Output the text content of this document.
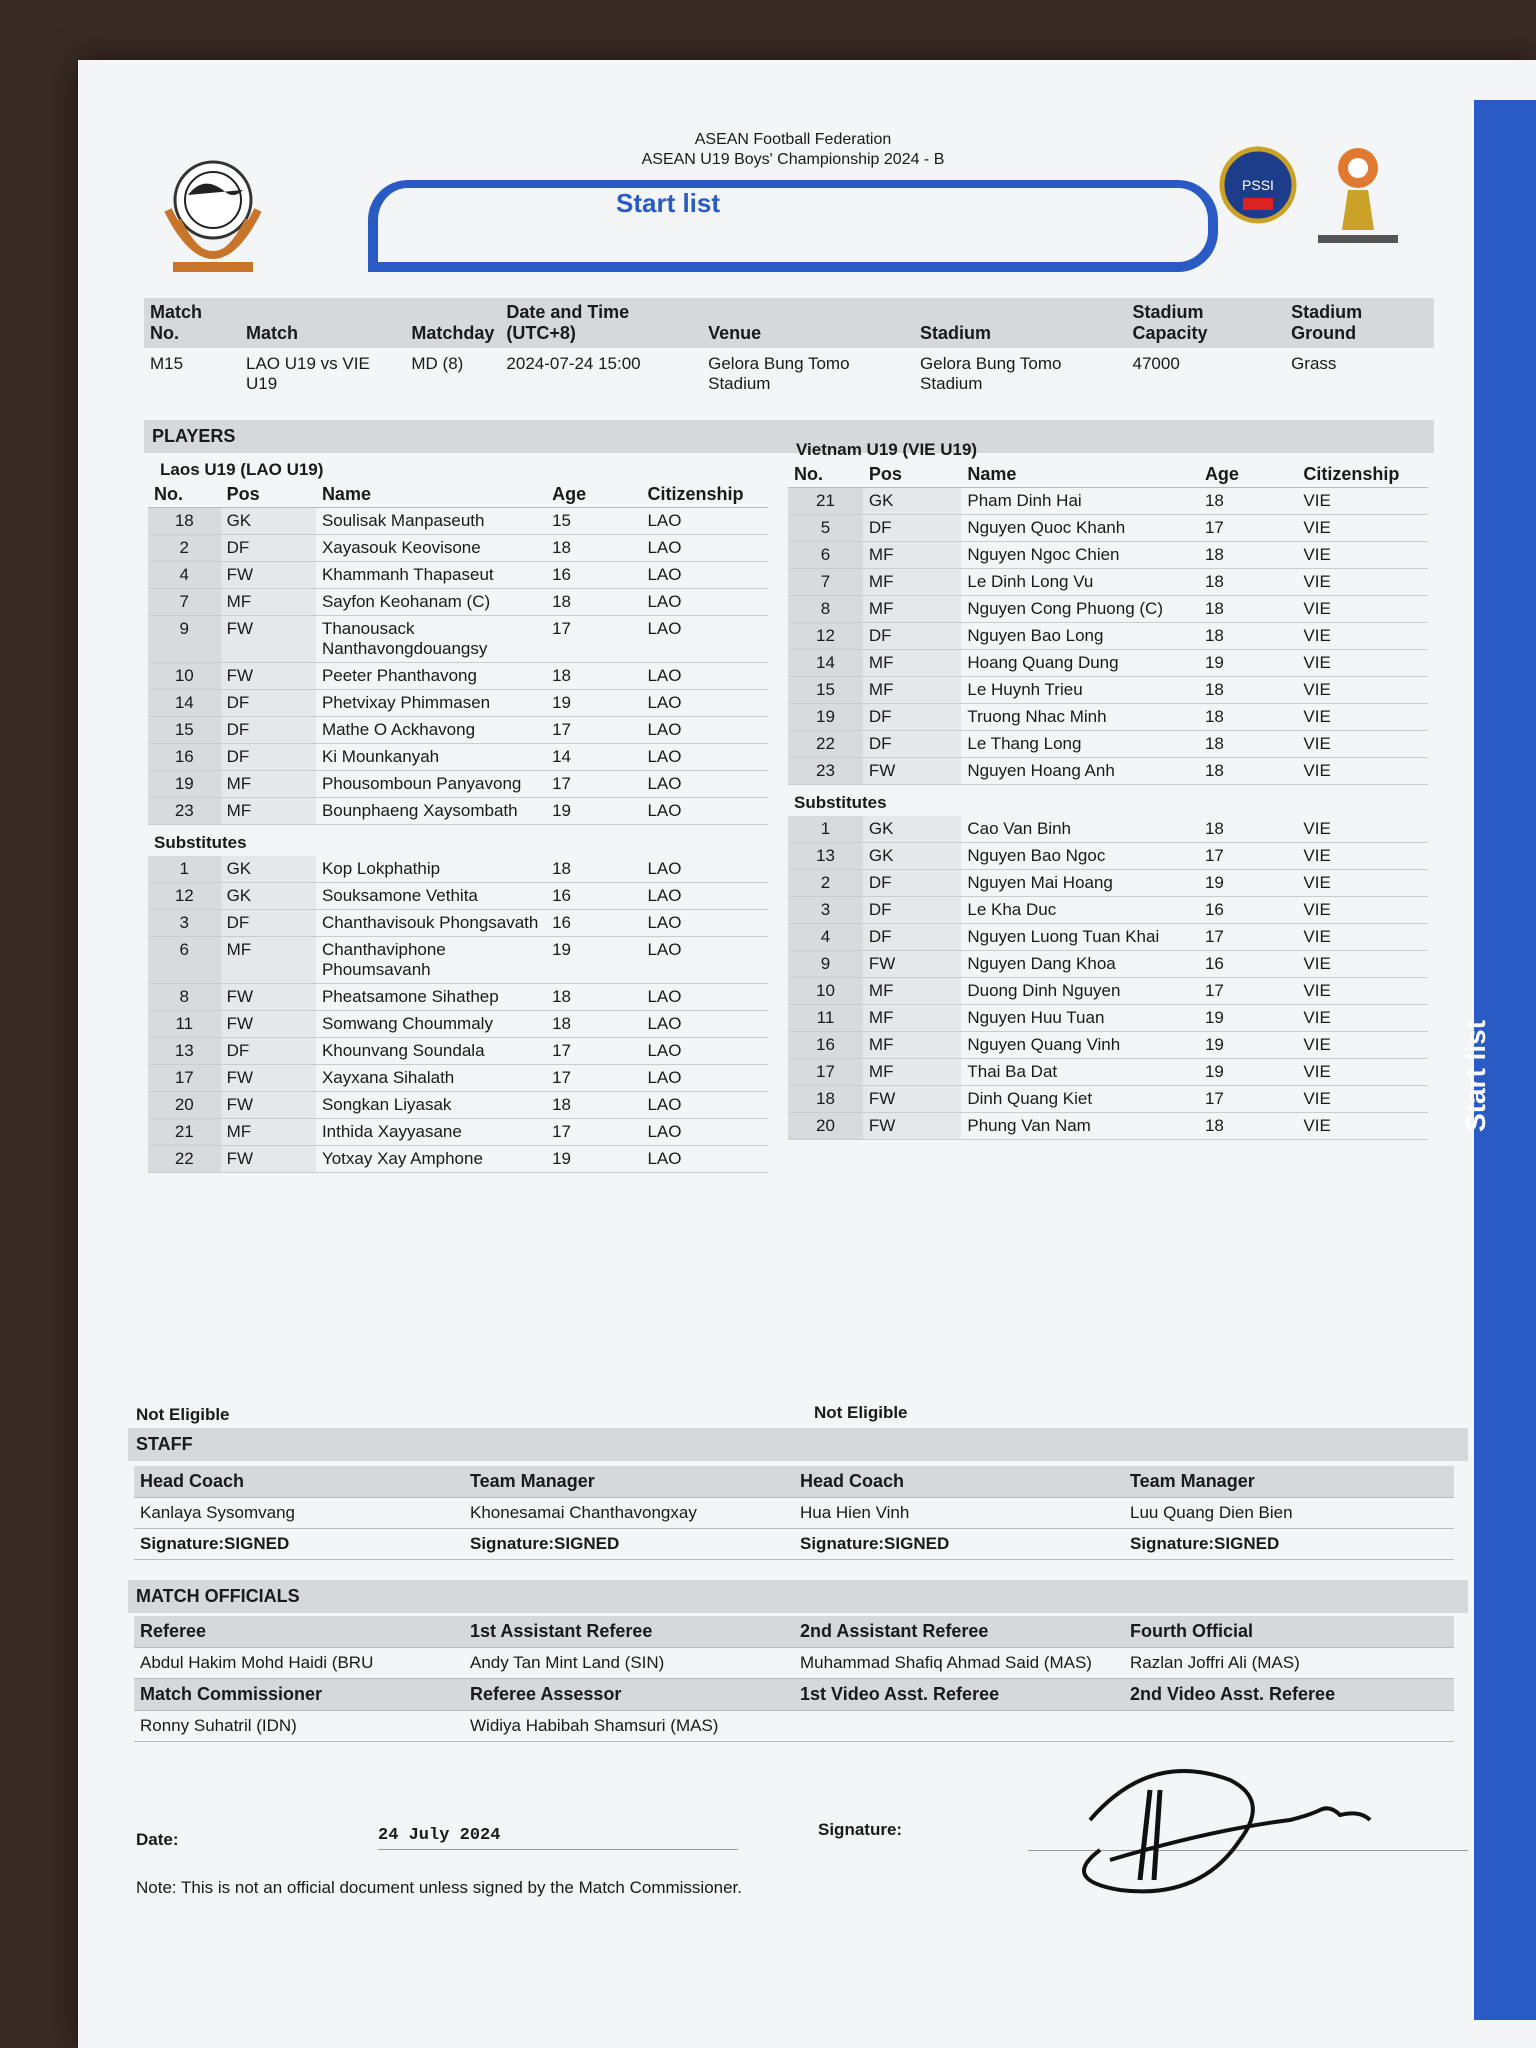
Start list
PSSI
ASEAN Football Federation
ASEAN U19 Boys' Championship 2024 - B
Start list
Match No.	Match	Matchday	Date and Time (UTC+8)	Venue	Stadium	Stadium Capacity	Stadium Ground
M15	LAO U19 vs VIE U19	MD (8)	2024-07-24 15:00	Gelora Bung Tomo Stadium	Gelora Bung Tomo Stadium	47000	Grass
PLAYERS
Laos U19 (LAO U19)
Vietnam U19 (VIE U19)
No.	Pos	Name	Age	Citizenship
18	GK	Soulisak Manpaseuth	15	LAO
2	DF	Xayasouk Keovisone	18	LAO
4	FW	Khammanh Thapaseut	16	LAO
7	MF	Sayfon Keohanam (C)	18	LAO
9	FW	Thanousack Nanthavongdouangsy	17	LAO
10	FW	Peeter Phanthavong	18	LAO
14	DF	Phetvixay Phimmasen	19	LAO
15	DF	Mathe O Ackhavong	17	LAO
16	DF	Ki Mounkanyah	14	LAO
19	MF	Phousomboun Panyavong	17	LAO
23	MF	Bounphaeng Xaysombath	19	LAO
Substitutes				
1	GK	Kop Lokphathip	18	LAO
12	GK	Souksamone Vethita	16	LAO
3	DF	Chanthavisouk Phongsavath	16	LAO
6	MF	Chanthaviphone Phoumsavanh	19	LAO
8	FW	Pheatsamone Sihathep	18	LAO
11	FW	Somwang Choummaly	18	LAO
13	DF	Khounvang Soundala	17	LAO
17	FW	Xayxana Sihalath	17	LAO
20	FW	Songkan Liyasak	18	LAO
21	MF	Inthida Xayyasane	17	LAO
22	FW	Yotxay Xay Amphone	19	LAO
No.	Pos	Name	Age	Citizenship
21	GK	Pham Dinh Hai	18	VIE
5	DF	Nguyen Quoc Khanh	17	VIE
6	MF	Nguyen Ngoc Chien	18	VIE
7	MF	Le Dinh Long Vu	18	VIE
8	MF	Nguyen Cong Phuong (C)	18	VIE
12	DF	Nguyen Bao Long	18	VIE
14	MF	Hoang Quang Dung	19	VIE
15	MF	Le Huynh Trieu	18	VIE
19	DF	Truong Nhac Minh	18	VIE
22	DF	Le Thang Long	18	VIE
23	FW	Nguyen Hoang Anh	18	VIE
Substitutes				
1	GK	Cao Van Binh	18	VIE
13	GK	Nguyen Bao Ngoc	17	VIE
2	DF	Nguyen Mai Hoang	19	VIE
3	DF	Le Kha Duc	16	VIE
4	DF	Nguyen Luong Tuan Khai	17	VIE
9	FW	Nguyen Dang Khoa	16	VIE
10	MF	Duong Dinh Nguyen	17	VIE
11	MF	Nguyen Huu Tuan	19	VIE
16	MF	Nguyen Quang Vinh	19	VIE
17	MF	Thai Ba Dat	19	VIE
18	FW	Dinh Quang Kiet	17	VIE
20	FW	Phung Van Nam	18	VIE
Not Eligible	Not Eligible
STAFF
Head Coach	Team Manager	Head Coach	Team Manager
Kanlaya Sysomvang	Khonesamai Chanthavongxay	Hua Hien Vinh	Luu Quang Dien Bien
Signature:SIGNED	Signature:SIGNED	Signature:SIGNED	Signature:SIGNED
MATCH OFFICIALS
Referee	1st Assistant Referee	2nd Assistant Referee	Fourth Official
Abdul Hakim Mohd Haidi (BRU	Andy Tan Mint Land (SIN)	Muhammad Shafiq Ahmad Said (MAS)	Razlan Joffri Ali (MAS)
Match Commissioner	Referee Assessor	1st Video Asst. Referee	2nd Video Asst. Referee
Ronny Suhatril (IDN)	Widiya Habibah Shamsuri (MAS)		
Date:	24 July 2024	Signature:
Note: This is not an official document unless signed by the Match Commissioner.
